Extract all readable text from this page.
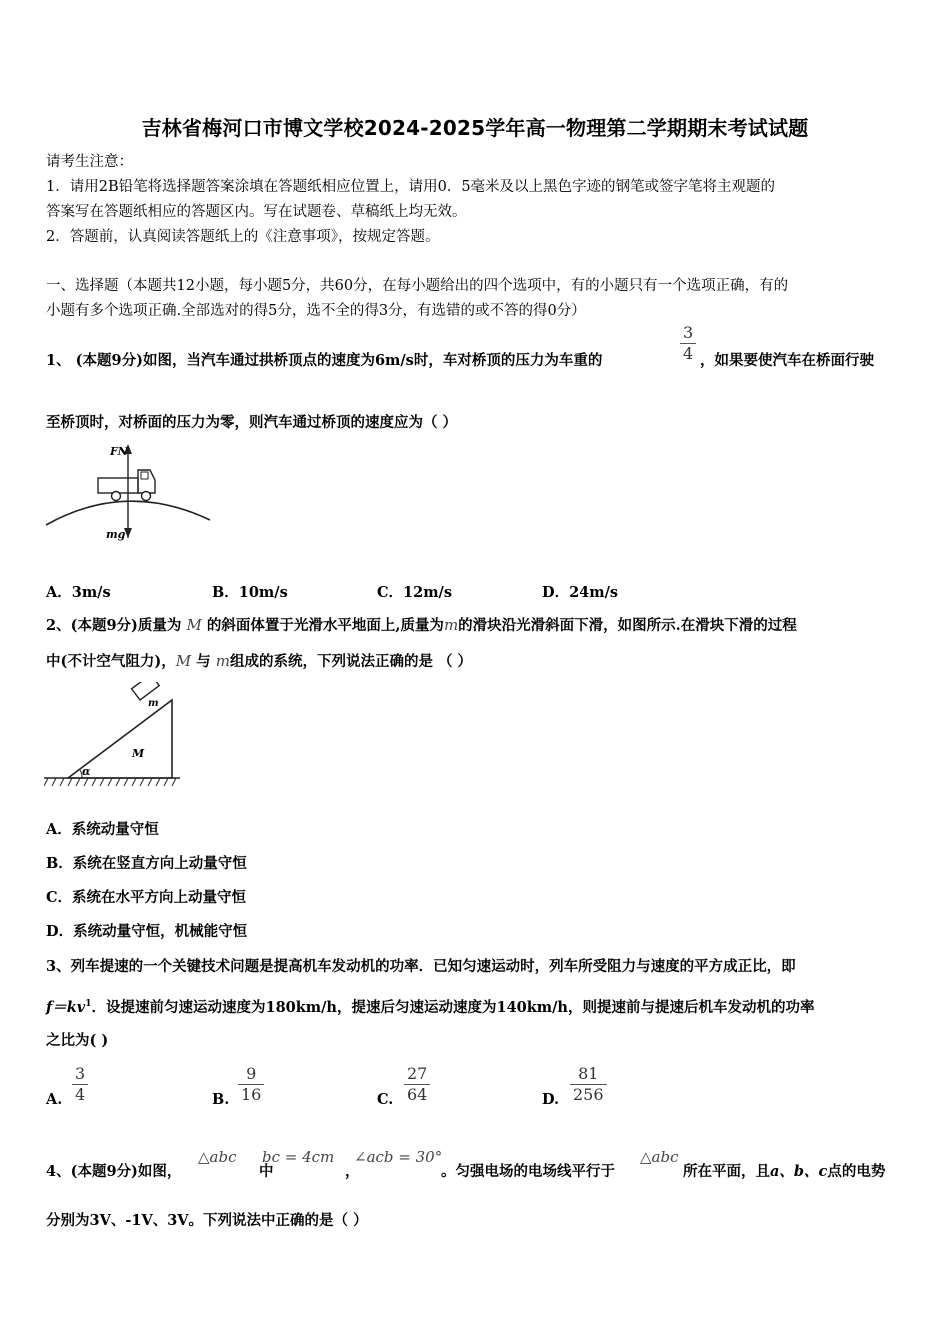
吉林省梅河口市博文学校2024-2025学年高一物理第二学期期末考试试题
请考生注意：
1．请用2B铅笔将选择题答案涂填在答题纸相应位置上，请用0．5毫米及以上黑色字迹的钢笔或签字笔将主观题的
答案写在答题纸相应的答题区内。写在试题卷、草稿纸上均无效。
2．答题前，认真阅读答题纸上的《注意事项》，按规定答题。
一、选择题（本题共12小题，每小题5分，共60分，在每小题给出的四个选项中，有的小题只有一个选项正确，有的
小题有多个选项正确.全部选对的得5分，选不全的得3分，有选错的或不答的得0分）
1、 (本题9分)如图，当汽车通过拱桥顶点的速度为6m/s时，车对桥顶的压力为车重的	$\frac{3}{4}$ ，如果要使汽车在桥面行驶
至桥顶时，对桥面的压力为零，则汽车通过桥顶的速度应为（ ）
FN
mg
A．3m/s	B．10m/s	C．12m/s	D．24m/s
2、(本题9分)质量为 M 的斜面体置于光滑水平地面上,质量为m的滑块沿光滑斜面下滑，如图所示.在滑块下滑的过程
中(不计空气阻力)，M 与 m组成的系统，下列说法正确的是 （ ）
m
M
α
A．系统动量守恒
B．系统在竖直方向上动量守恒
C．系统在水平方向上动量守恒
D．系统动量守恒，机械能守恒
3、列车提速的一个关键技术问题是提高机车发动机的功率．已知匀速运动时，列车所受阻力与速度的平方成正比，即
$f=kv^1$．设提速前匀速运动速度为180km/h，提速后匀速运动速度为140km/h，则提速前与提速后机车发动机的功率
之比为( )
A. $\frac{3}{4}$	B. $\frac{9}{16}$	C. $\frac{27}{64}$	D. $\frac{81}{256}$
4、(本题9分)如图，
△abc
中
bc = 4cm
，
∠acb = 30°
。匀强电场的电场线平行于
△abc
所在平面，且a、b、c点的电势
分别为3V、-1V、3V。下列说法中正确的是（ ）
